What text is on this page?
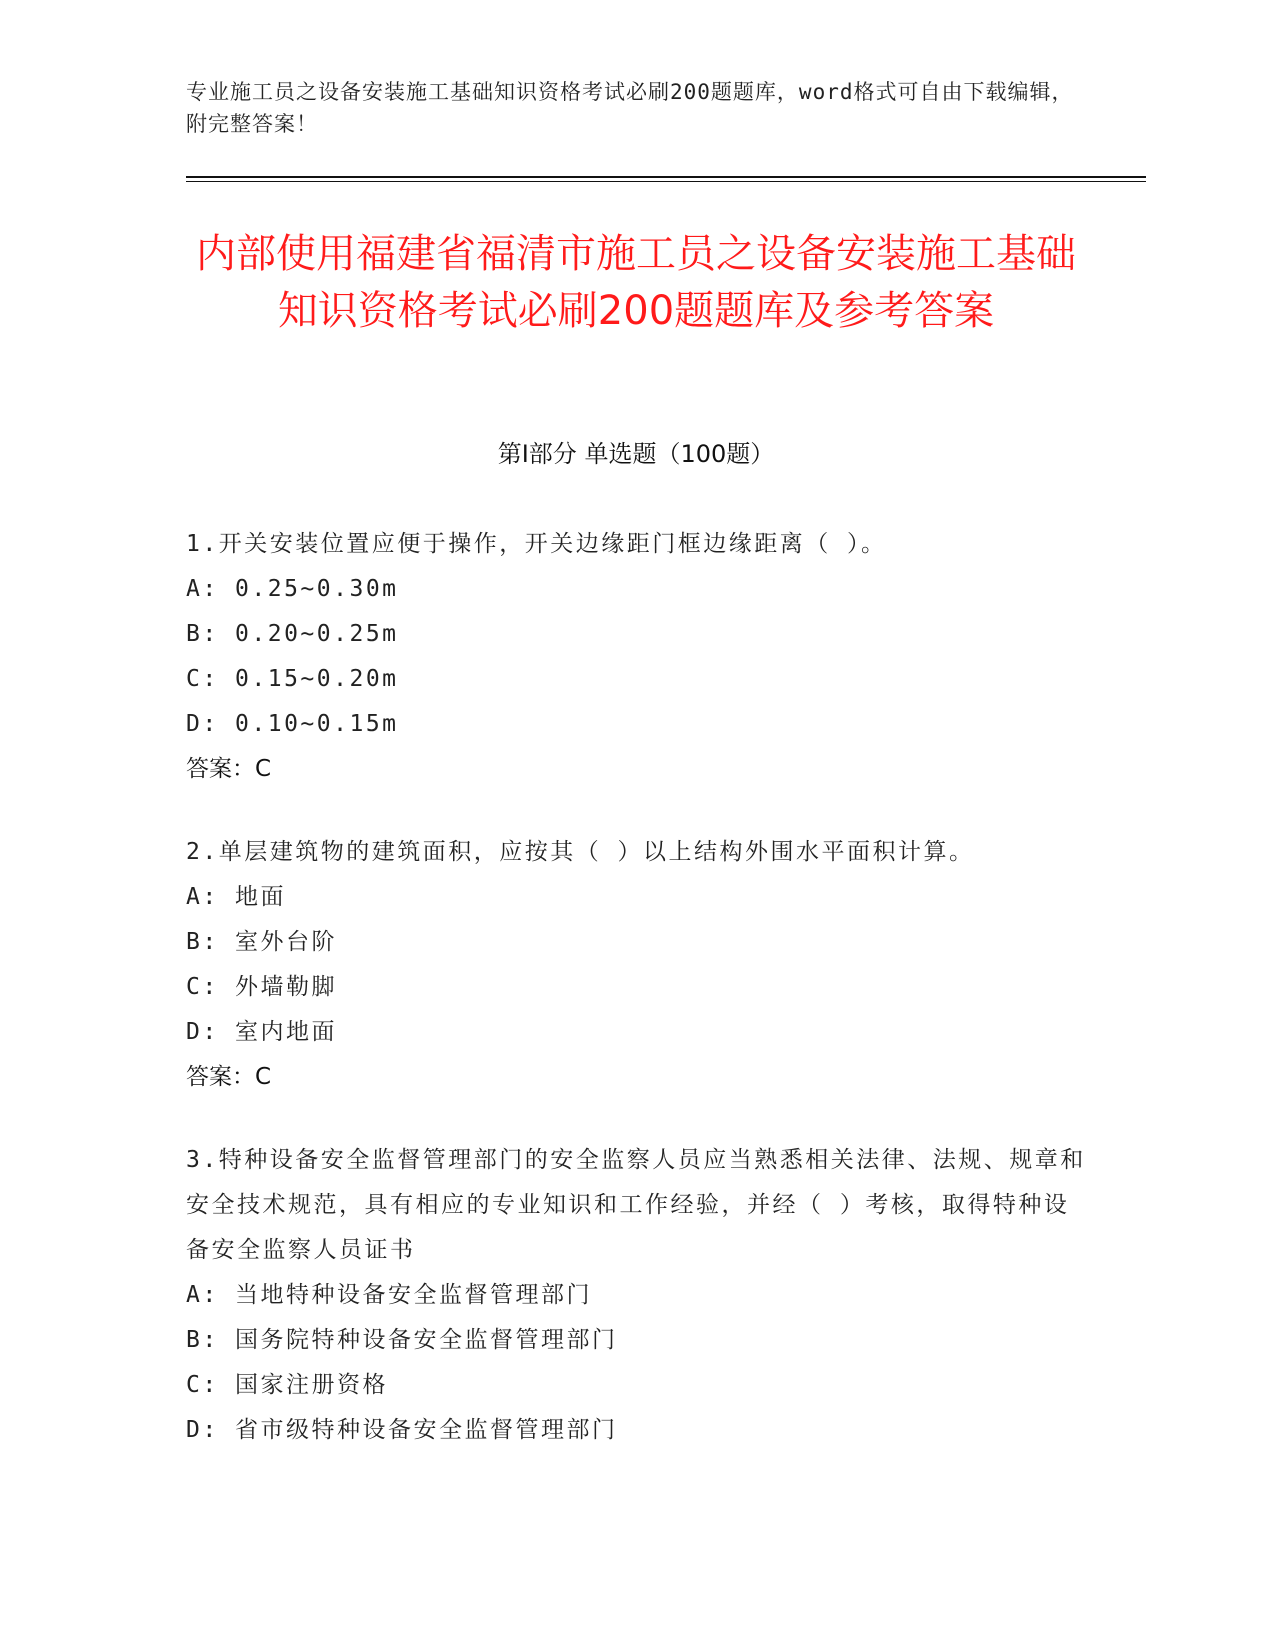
专业施工员之设备安装施工基础知识资格考试必刷200题题库，word格式可自由下载编辑，附完整答案！
内部使用福建省福清市施工员之设备安装施工基础知识资格考试必刷200题题库及参考答案
第Ⅰ部分 单选题（100题）
1.开关安装位置应便于操作，开关边缘距门框边缘距离（ ）。
A: 0.25~0.30m
B: 0.20~0.25m
C: 0.15~0.20m
D: 0.10~0.15m
答案：C
2.单层建筑物的建筑面积，应按其（ ）以上结构外围水平面积计算。
A: 地面
B: 室外台阶
C: 外墙勒脚
D: 室内地面
答案：C
3.特种设备安全监督管理部门的安全监察人员应当熟悉相关法律、法规、规章和安全技术规范，具有相应的专业知识和工作经验，并经（ ）考核，取得特种设备安全监察人员证书
A: 当地特种设备安全监督管理部门
B: 国务院特种设备安全监督管理部门
C: 国家注册资格
D: 省市级特种设备安全监督管理部门
